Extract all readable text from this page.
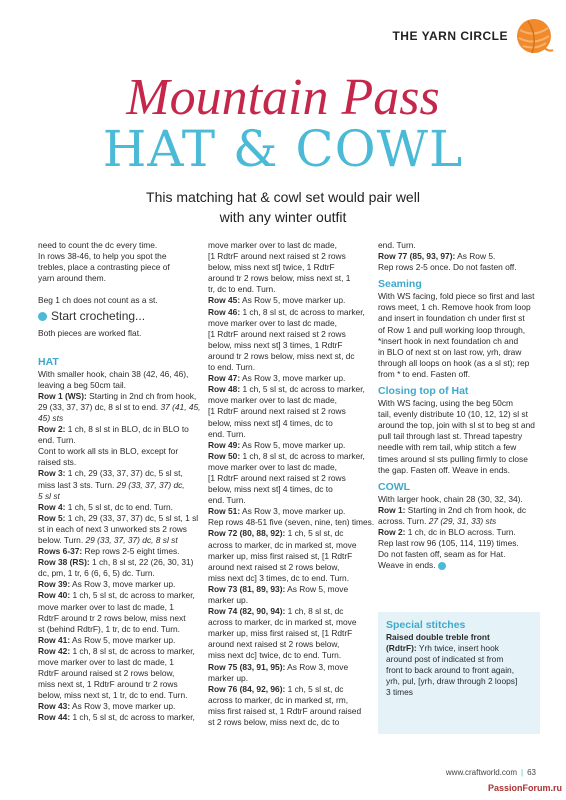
THE YARN CIRCLE
Mountain Pass
HAT & COWL
This matching hat & cowl set would pair well
with any winter outfit
need to count the dc every time.
In rows 38-46, to help you spot the
trebles, place a contrasting piece of
yarn around them.
Beg 1 ch does not count as a st.
Start crocheting...
Both pieces are worked flat.
HAT
With smaller hook, chain 38 (42, 46, 46),
leaving a beg 50cm tail.
Row 1 (WS): Starting in 2nd ch from hook,
29 (33, 37, 37) dc, 8 sl st to end. 37 (41, 45,
45) sts
Row 2: 1 ch, 8 sl st in BLO, dc in BLO to
end. Turn.
Cont to work all sts in BLO, except for
raised sts.
Row 3: 1 ch, 29 (33, 37, 37) dc, 5 sl st,
miss last 3 sts. Turn. 29 (33, 37, 37) dc,
5 sl st
Row 4: 1 ch, 5 sl st, dc to end. Turn.
Row 5: 1 ch, 29 (33, 37, 37) dc, 5 sl st, 1 sl
st in each of next 3 unworked sts 2 rows
below. Turn. 29 (33, 37, 37) dc, 8 sl st
Rows 6-37: Rep rows 2-5 eight times.
Row 38 (RS): 1 ch, 8 sl st, 22 (26, 30, 31)
dc, pm, 1 tr, 6 (6, 6, 5) dc. Turn.
Row 39: As Row 3, move marker up.
Row 40: 1 ch, 5 sl st, dc across to marker,
move marker over to last dc made, 1
RdtrF around tr 2 rows below, miss next
st (behind RdtrF), 1 tr, dc to end. Turn.
Row 41: As Row 5, move marker up.
Row 42: 1 ch, 8 sl st, dc across to marker,
move marker over to last dc made, 1
RdtrF around raised st 2 rows below,
miss next st, 1 RdtrF around tr 2 rows
below, miss next st, 1 tr, dc to end. Turn.
Row 43: As Row 3, move marker up.
Row 44: 1 ch, 5 sl st, dc across to marker,
move marker over to last dc made,
[1 RdtrF around next raised st 2 rows
below, miss next st] twice, 1 RdtrF
around tr 2 rows below, miss next st, 1
tr, dc to end. Turn.
Row 45: As Row 5, move marker up.
Row 46: 1 ch, 8 sl st, dc across to marker,
move marker over to last dc made,
[1 RdtrF around next raised st 2 rows
below, miss next st] 3 times, 1 RdtrF
around tr 2 rows below, miss next st, dc
to end. Turn.
Row 47: As Row 3, move marker up.
Row 48: 1 ch, 5 sl st, dc across to marker,
move marker over to last dc made,
[1 RdtrF around next raised st 2 rows
below, miss next st] 4 times, dc to
end. Turn.
Row 49: As Row 5, move marker up.
Row 50: 1 ch, 8 sl st, dc across to marker,
move marker over to last dc made,
[1 RdtrF around next raised st 2 rows
below, miss next st] 4 times, dc to
end. Turn.
Row 51: As Row 3, move marker up.
Rep rows 48-51 five (seven, nine, ten) times.
Row 72 (80, 88, 92): 1 ch, 5 sl st, dc
across to marker, dc in marked st, move
marker up, miss first raised st, [1 RdtrF
around next raised st 2 rows below,
miss next dc] 3 times, dc to end. Turn.
Row 73 (81, 89, 93): As Row 5, move
marker up.
Row 74 (82, 90, 94): 1 ch, 8 sl st, dc
across to marker, dc in marked st, move
marker up, miss first raised st, [1 RdtrF
around next raised st 2 rows below,
miss next dc] twice, dc to end. Turn.
Row 75 (83, 91, 95): As Row 3, move
marker up.
Row 76 (84, 92, 96): 1 ch, 5 sl st, dc
across to marker, dc in marked st, rm,
miss first raised st, 1 RdtrF around raised
st 2 rows below, miss next dc, dc to
end. Turn.
Row 77 (85, 93, 97): As Row 5.
Rep rows 2-5 once. Do not fasten off.
Seaming
With WS facing, fold piece so first and last
rows meet, 1 ch. Remove hook from loop
and insert in foundation ch under first st
of Row 1 and pull working loop through,
*insert hook in next foundation ch and
in BLO of next st on last row, yrh, draw
through all loops on hook (as a sl st); rep
from * to end. Fasten off.
Closing top of Hat
With WS facing, using the beg 50cm
tail, evenly distribute 10 (10, 12, 12) sl st
around the top, join with sl st to beg st and
pull tail through last st. Thread tapestry
needle with rem tail, whip stitch a few
times around sl sts pulling firmly to close
the gap. Fasten off. Weave in ends.
COWL
With larger hook, chain 28 (30, 32, 34).
Row 1: Starting in 2nd ch from hook, dc
across. Turn. 27 (29, 31, 33) sts
Row 2: 1 ch, dc in BLO across. Turn.
Rep last row 96 (105, 114, 119) times.
Do not fasten off, seam as for Hat.
Weave in ends.
Special stitches
Raised double treble front
(RdtrF): Yrh twice, insert hook
around post of indicated st from
front to back around to front again,
yrh, pul, [yrh, draw through 2 loops]
3 times
www.craftworld.com | 63
PassionForum.ru
